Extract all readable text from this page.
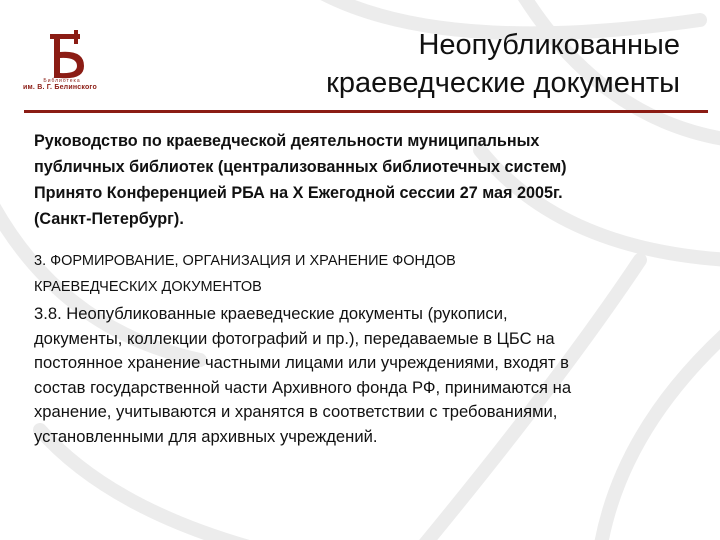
Библиотека
им. В. Г. Белинского
Неопубликованные
краеведческие документы
Руководство по краеведческой деятельности муниципальных
публичных библиотек (централизованных библиотечных систем)
Принято Конференцией РБА на X Ежегодной сессии 27 мая 2005г.
(Санкт-Петербург).
3. ФОРМИРОВАНИЕ, ОРГАНИЗАЦИЯ И ХРАНЕНИЕ ФОНДОВ
КРАЕВЕДЧЕСКИХ ДОКУМЕНТОВ
3.8. Неопубликованные краеведческие документы (рукописи,
документы, коллекции фотографий и пр.), передаваемые в ЦБС на
постоянное хранение частными лицами или учреждениями, входят в
состав государственной части Архивного фонда РФ, принимаются на
хранение, учитываются и хранятся в соответствии с требованиями,
установленными для архивных учреждений.
